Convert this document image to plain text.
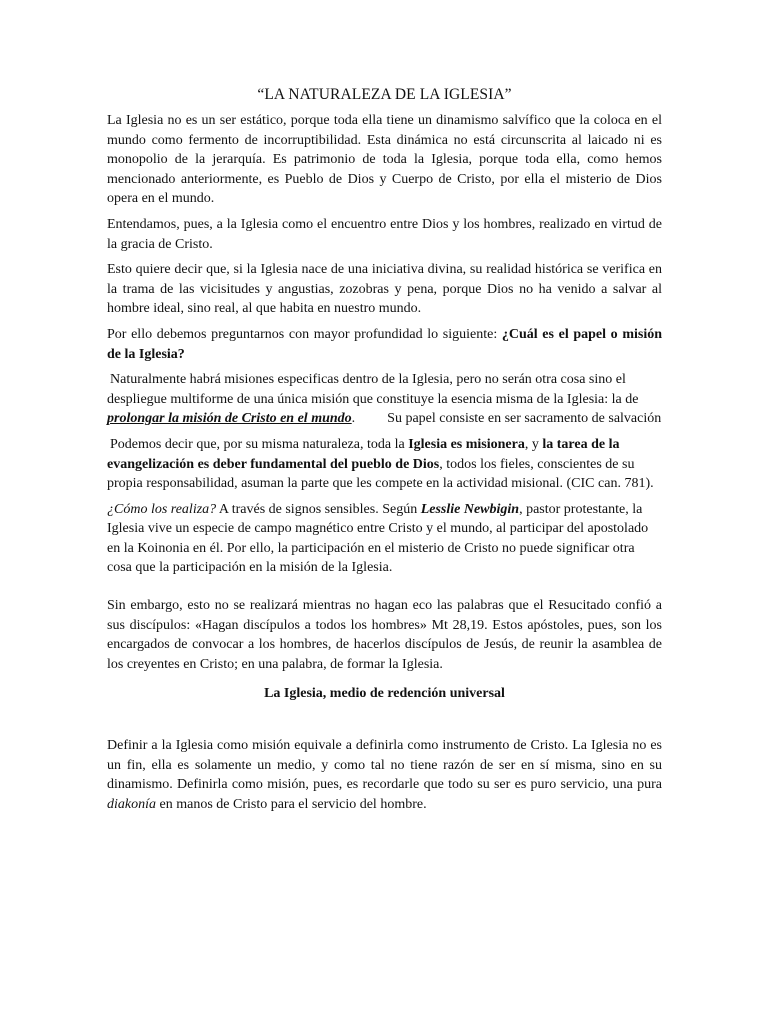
“LA NATURALEZA DE LA IGLESIA”

La Iglesia no es un ser estático, porque toda ella tiene un dinamismo salvífico que la coloca en el mundo como fermento de incorruptibilidad. Esta dinámica no está circunscrita al laicado ni es monopolio de la jerarquía. Es patrimonio de toda la Iglesia, porque toda ella, como hemos mencionado anteriormente, es Pueblo de Dios y Cuerpo de Cristo, por ella el misterio de Dios opera en el mundo.

Entendamos, pues, a la Iglesia como el encuentro entre Dios y los hombres, realizado en virtud de la gracia de Cristo.

Esto quiere decir que, si la Iglesia nace de una iniciativa divina, su realidad histórica se verifica en la trama de las vicisitudes y angustias, zozobras y pena, porque Dios no ha venido a salvar al hombre ideal, sino real, al que habita en nuestro mundo.

Por ello debemos preguntarnos con mayor profundidad lo siguiente: ¿Cuál es el papel o misión de la Iglesia?

Naturalmente habrá misiones especificas dentro de la Iglesia, pero no serán otra cosa sino el despliegue multiforme de una única misión que constituye la esencia misma de la Iglesia: la de prolongar la misión de Cristo en el mundo. Su papel consiste en ser sacramento de salvación

Podemos decir que, por su misma naturaleza, toda la Iglesia es misionera, y la tarea de la evangelización es deber fundamental del pueblo de Dios, todos los fieles, conscientes de su propia responsabilidad, asuman la parte que les compete en la actividad misional. (CIC can. 781).

¿Cómo los realiza? A través de signos sensibles. Según Lesslie Newbigin, pastor protestante, la Iglesia vive un especie de campo magnético entre Cristo y el mundo, al participar del apostolado en la Koinonia en él. Por ello, la participación en el misterio de Cristo no puede significar otra cosa que la participación en la misión de la Iglesia.

Sin embargo, esto no se realizará mientras no hagan eco las palabras que el Resucitado confió a sus discípulos: «Hagan discípulos a todos los hombres» Mt 28,19. Estos apóstoles, pues, son los encargados de convocar a los hombres, de hacerlos discípulos de Jesús, de reunir la asamblea de los creyentes en Cristo; en una palabra, de formar la Iglesia.

La Iglesia, medio de redención universal

Definir a la Iglesia como misión equivale a definirla como instrumento de Cristo. La Iglesia no es un fin, ella es solamente un medio, y como tal no tiene razón de ser en sí misma, sino en su dinamismo. Definirla como misión, pues, es recordarle que todo su ser es puro servicio, una pura diakonía en manos de Cristo para el servicio del hombre.
